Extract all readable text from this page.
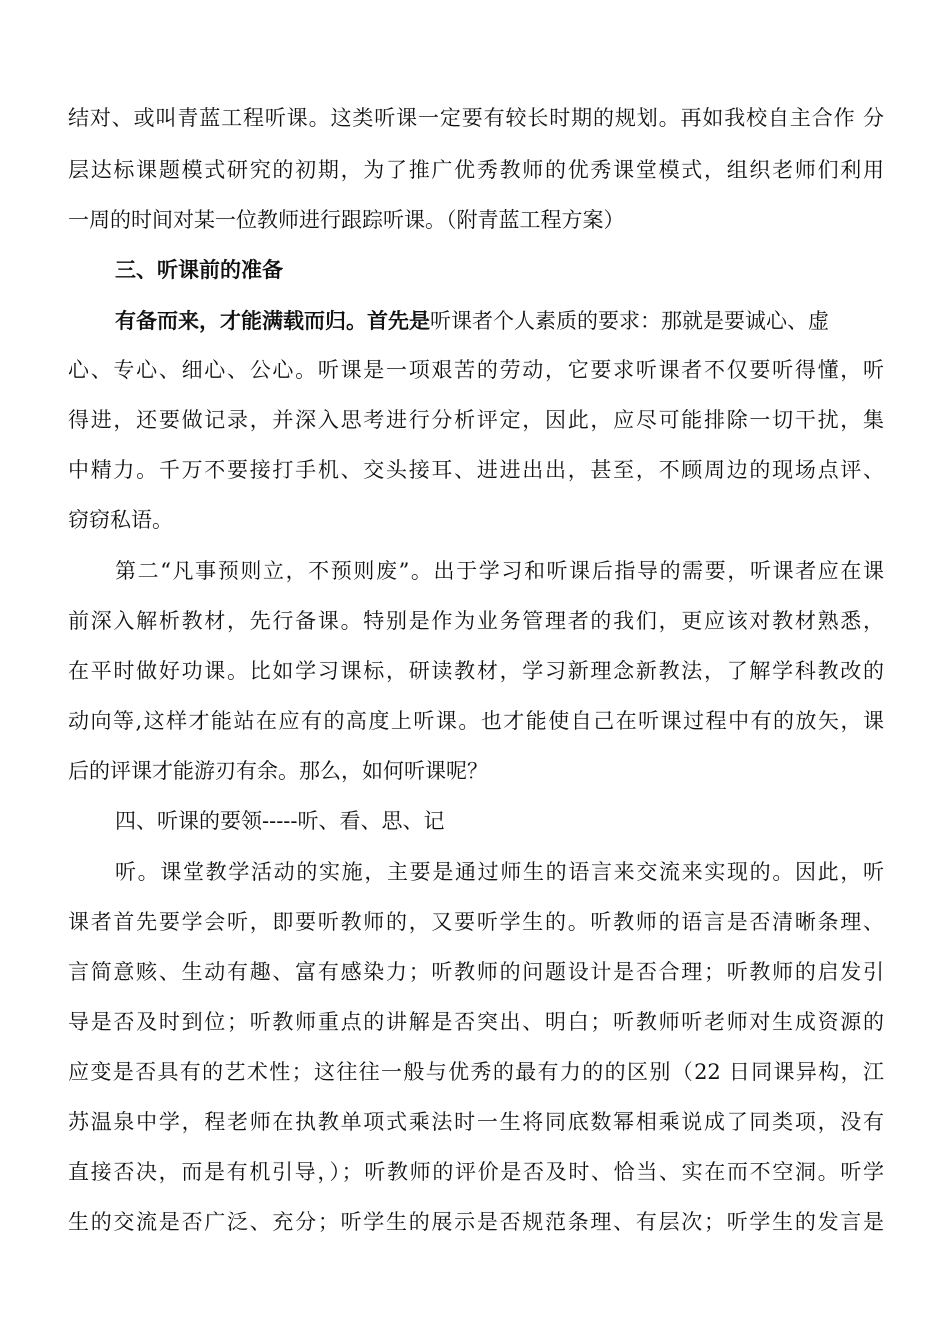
结对、或叫青蓝工程听课。这类听课一定要有较长时期的规划。再如我校自主合作 分
层达标课题模式研究的初期，为了推广优秀教师的优秀课堂模式，组织老师们利用
一周的时间对某一位教师进行跟踪听课。（附青蓝工程方案）
三、听课前的准备
有备而来，才能满载而归。首先是听课者个人素质的要求：那就是要诚心、虚
心、专心、细心、公心。听课是一项艰苦的劳动，它要求听课者不仅要听得懂，听
得进，还要做记录，并深入思考进行分析评定，因此，应尽可能排除一切干扰，集
中精力。千万不要接打手机、交头接耳、进进出出，甚至，不顾周边的现场点评、
窃窃私语。
第二“凡事预则立，不预则废”。出于学习和听课后指导的需要，听课者应在课
前深入解析教材，先行备课。特别是作为业务管理者的我们，更应该对教材熟悉，
在平时做好功课。比如学习课标，研读教材，学习新理念新教法，了解学科教改的
动向等,这样才能站在应有的高度上听课。也才能使自己在听课过程中有的放矢，课
后的评课才能游刃有余。那么，如何听课呢？
四、听课的要领-----听、看、思、记
听。课堂教学活动的实施，主要是通过师生的语言来交流来实现的。因此，听
课者首先要学会听，即要听教师的，又要听学生的。听教师的语言是否清晰条理、
言简意赅、生动有趣、富有感染力；听教师的问题设计是否合理；听教师的启发引
导是否及时到位；听教师重点的讲解是否突出、明白；听教师听老师对生成资源的
应变是否具有的艺术性；这往往一般与优秀的最有力的的区别（22 日同课异构，江
苏温泉中学，程老师在执教单项式乘法时一生将同底数幂相乘说成了同类项，没有
直接否决，而是有机引导，）；听教师的评价是否及时、恰当、实在而不空洞。听学
生的交流是否广泛、充分；听学生的展示是否规范条理、有层次；听学生的发言是
